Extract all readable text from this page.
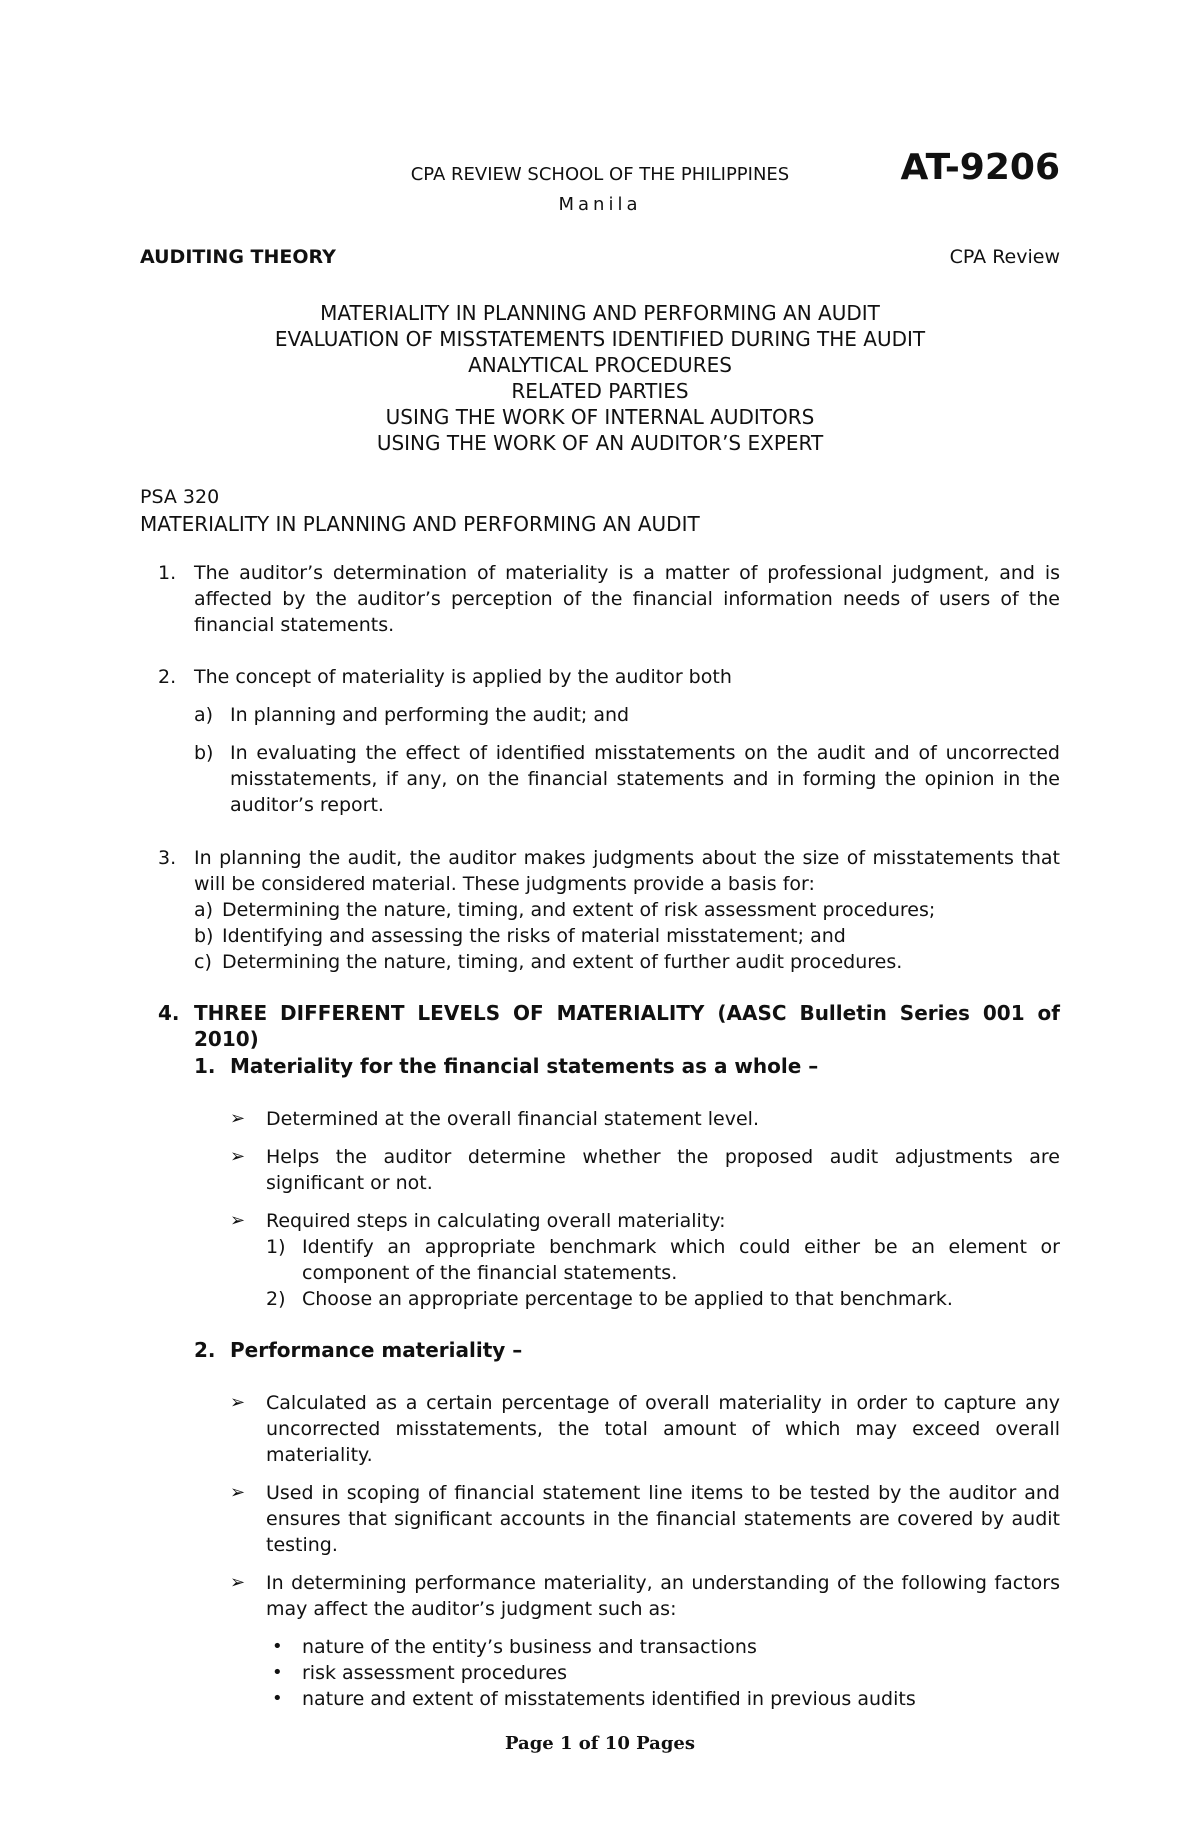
CPA REVIEW SCHOOL OF THE PHILIPPINES
Manila
AT-9206
AUDITING THEORY	CPA Review
MATERIALITY IN PLANNING AND PERFORMING AN AUDIT
EVALUATION OF MISSTATEMENTS IDENTIFIED DURING THE AUDIT
ANALYTICAL PROCEDURES
RELATED PARTIES
USING THE WORK OF INTERNAL AUDITORS
USING THE WORK OF AN AUDITOR’S EXPERT
PSA 320
MATERIALITY IN PLANNING AND PERFORMING AN AUDIT
1. The auditor’s determination of materiality is a matter of professional judgment, and is affected by the auditor’s perception of the financial information needs of users of the financial statements.
2. The concept of materiality is applied by the auditor both
a) In planning and performing the audit; and
b) In evaluating the effect of identified misstatements on the audit and of uncorrected misstatements, if any, on the financial statements and in forming the opinion in the auditor’s report.
3. In planning the audit, the auditor makes judgments about the size of misstatements that will be considered material. These judgments provide a basis for:
a) Determining the nature, timing, and extent of risk assessment procedures;
b) Identifying and assessing the risks of material misstatement; and
c) Determining the nature, timing, and extent of further audit procedures.
4. THREE DIFFERENT LEVELS OF MATERIALITY (AASC Bulletin Series 001 of 2010)
1. Materiality for the financial statements as a whole –
➢ Determined at the overall financial statement level.
➢ Helps the auditor determine whether the proposed audit adjustments are significant or not.
➢ Required steps in calculating overall materiality:
1) Identify an appropriate benchmark which could either be an element or component of the financial statements.
2) Choose an appropriate percentage to be applied to that benchmark.
2. Performance materiality –
➢ Calculated as a certain percentage of overall materiality in order to capture any uncorrected misstatements, the total amount of which may exceed overall materiality.
➢ Used in scoping of financial statement line items to be tested by the auditor and ensures that significant accounts in the financial statements are covered by audit testing.
➢ In determining performance materiality, an understanding of the following factors may affect the auditor’s judgment such as:
• nature of the entity’s business and transactions
• risk assessment procedures
• nature and extent of misstatements identified in previous audits
Page 1 of 10 Pages
